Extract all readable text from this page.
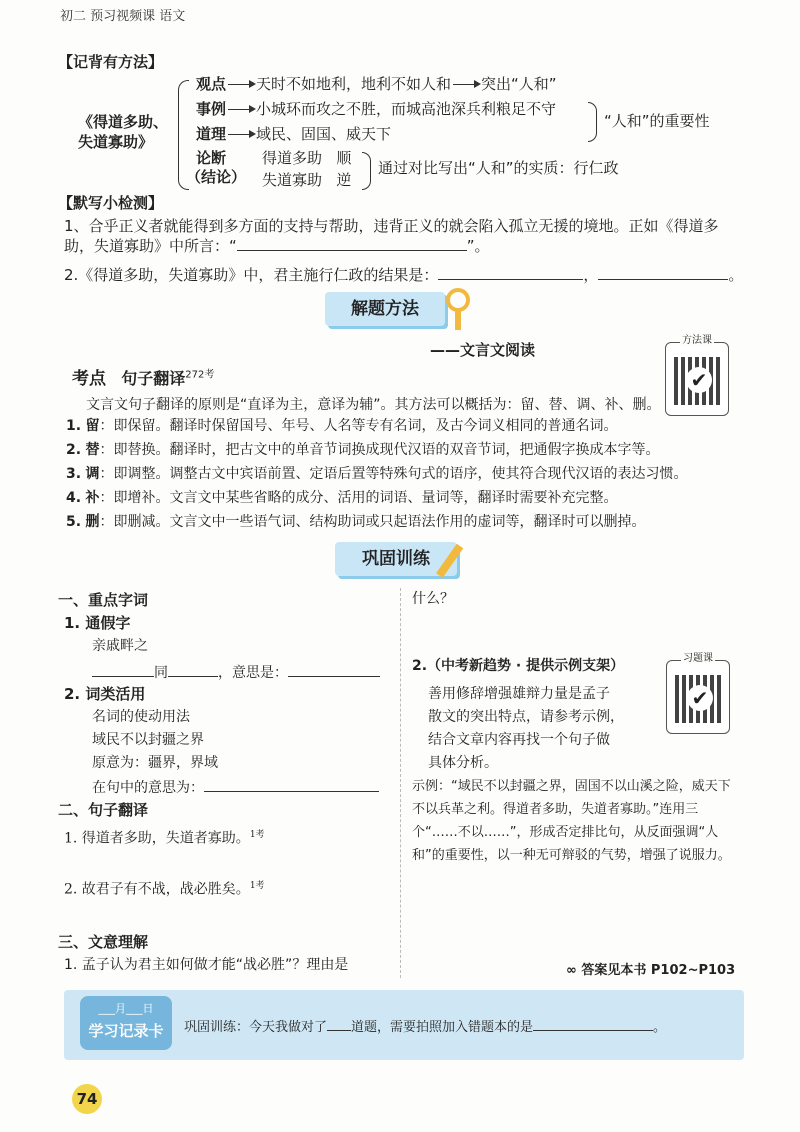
初二 预习视频课 语文
【记背有方法】
《得道多助、失道寡助》
观点 天时不如地利，地利不如人和 突出“人和”
事例 小城环而攻之不胜，而城高池深兵利粮足不守
道理 域民、固国、威天下
“人和”的重要性
论断
（结论）
得道多助 顺
失道寡助 逆
通过对比写出“人和”的实质：行仁政
【默写小检测】
1、合乎正义者就能得到多方面的支持与帮助，违背正义的就会陷入孤立无援的境地。正如《得道多助，失道寡助》中所言：“	”。
2.《得道多助，失道寡助》中，君主施行仁政的结果是：	，	。
解题方法
——文言文阅读
方法课
✔
考点 句子翻译$^{272考}$
文言文句子翻译的原则是“直译为主，意译为辅”。其方法可以概括为：留、替、调、补、删。
1. 留：即保留。翻译时保留国号、年号、人名等专有名词，及古今词义相同的普通名词。
2. 替：即替换。翻译时，把古文中的单音节词换成现代汉语的双音节词，把通假字换成本字等。
3. 调：即调整。调整古文中宾语前置、定语后置等特殊句式的语序，使其符合现代汉语的表达习惯。
4. 补：即增补。文言文中某些省略的成分、活用的词语、量词等，翻译时需要补充完整。
5. 删：即删减。文言文中一些语气词、结构助词或只起语法作用的虚词等，翻译时可以删掉。
巩固训练
一、重点字词
1. 通假字
亲戚畔之
同	，意思是：
2. 词类活用
名词的使动用法
域民不以封疆之界
原意为：疆界，界域
在句中的意思为：
二、句子翻译
1. 得道者多助，失道者寡助。$^{1考}$
2. 故君子有不战，战必胜矣。$^{1考}$
三、文意理解
1. 孟子认为君主如何做才能“战必胜”？理由是
什么？
2.（中考新趋势 · 提供示例支架）	习题课
✔
善用修辞增强雄辩力量是孟子
散文的突出特点，请参考示例，
结合文章内容再找一个句子做
具体分析。
示例：“域民不以封疆之界，固国不以山溪之险，威天下不以兵革之利。得道者多助，失道者寡助。”连用三个“……不以……”，形成否定排比句，从反面强调“人和”的重要性，以一种无可辩驳的气势，增强了说服力。
∞ 答案见本书 P102~P103
___月___日
学习记录卡	巩固训练：今天我做对了 道题，需要拍照加入错题本的是	。
74
